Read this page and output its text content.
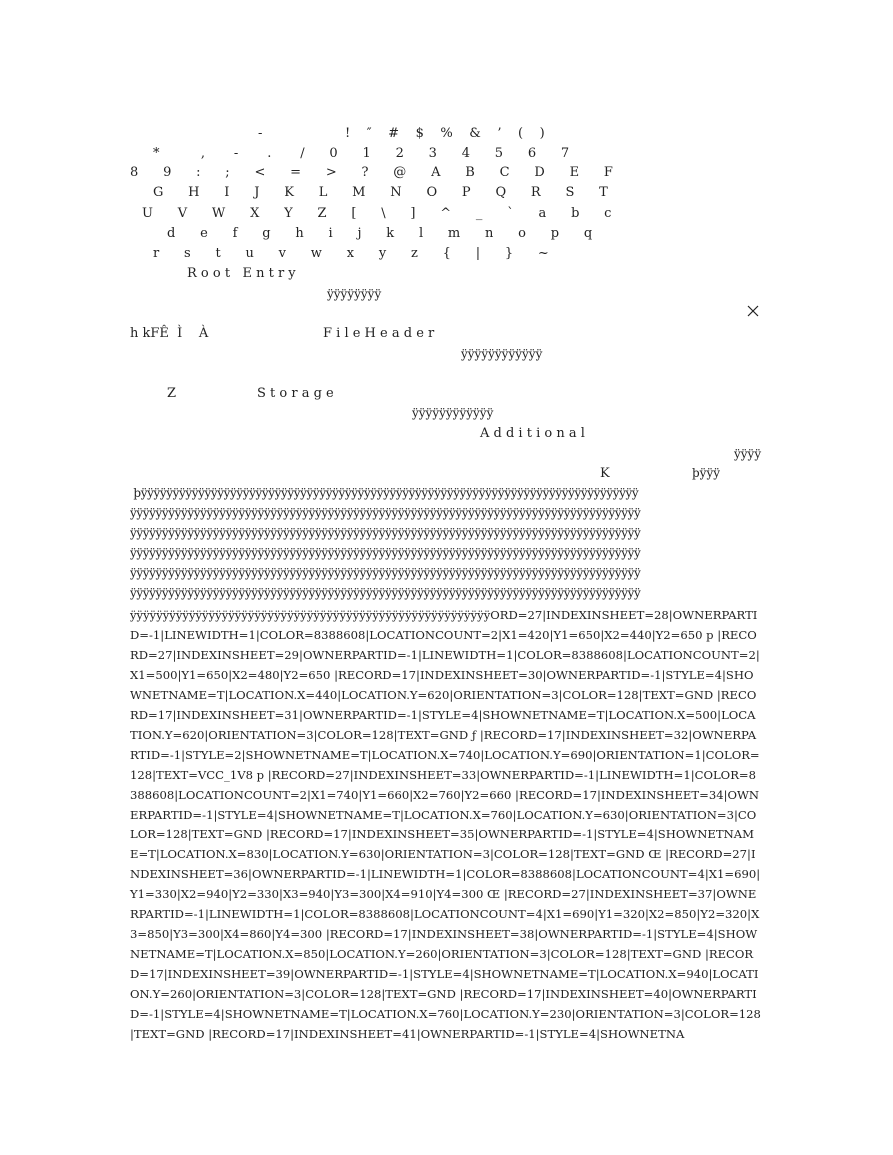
-                    !    ″    #    $    %    &    ’    (    )
*          ,       -       .       /      0      1      2      3      4      5      6      7
8      9      :      ;      <      =      >      ?      @      A      B      C      D      E      F
G      H      I      J      K      L      M      N      O      P      Q      R      S      T
U      V      W      X      Y      Z      [      \      ]      ^      _      `      a      b      c
d      e      f      g      h      i      j      k      l      m      n      o      p      q
r      s      t      u      v      w      x      y      z      {      |      }      ~
R o o t   E n t r y
ÿÿÿÿÿÿÿÿ
h kFÊ  Ì    À	F i l e H e a d e r
ÿÿÿÿÿÿÿÿÿÿÿÿ
Z	S t o r a g e
ÿÿÿÿÿÿÿÿÿÿÿÿ
A d d i t i o n a l
ÿÿÿÿ
K	þÿÿÿ
þÿÿÿÿÿÿÿÿÿÿÿÿÿÿÿÿÿÿÿÿÿÿÿÿÿÿÿÿÿÿÿÿÿÿÿÿÿÿÿÿÿÿÿÿÿÿÿÿÿÿÿÿÿÿÿÿÿÿÿÿÿÿÿÿÿÿÿÿÿÿÿÿÿÿÿÿÿÿ
ÿÿÿÿÿÿÿÿÿÿÿÿÿÿÿÿÿÿÿÿÿÿÿÿÿÿÿÿÿÿÿÿÿÿÿÿÿÿÿÿÿÿÿÿÿÿÿÿÿÿÿÿÿÿÿÿÿÿÿÿÿÿÿÿÿÿÿÿÿÿÿÿÿÿÿÿÿÿÿÿ
ÿÿÿÿÿÿÿÿÿÿÿÿÿÿÿÿÿÿÿÿÿÿÿÿÿÿÿÿÿÿÿÿÿÿÿÿÿÿÿÿÿÿÿÿÿÿÿÿÿÿÿÿÿÿÿÿÿÿÿÿÿÿÿÿÿÿÿÿÿÿÿÿÿÿÿÿÿÿÿÿ
ÿÿÿÿÿÿÿÿÿÿÿÿÿÿÿÿÿÿÿÿÿÿÿÿÿÿÿÿÿÿÿÿÿÿÿÿÿÿÿÿÿÿÿÿÿÿÿÿÿÿÿÿÿÿÿÿÿÿÿÿÿÿÿÿÿÿÿÿÿÿÿÿÿÿÿÿÿÿÿÿ
ÿÿÿÿÿÿÿÿÿÿÿÿÿÿÿÿÿÿÿÿÿÿÿÿÿÿÿÿÿÿÿÿÿÿÿÿÿÿÿÿÿÿÿÿÿÿÿÿÿÿÿÿÿÿÿÿÿÿÿÿÿÿÿÿÿÿÿÿÿÿÿÿÿÿÿÿÿÿÿÿ
ÿÿÿÿÿÿÿÿÿÿÿÿÿÿÿÿÿÿÿÿÿÿÿÿÿÿÿÿÿÿÿÿÿÿÿÿÿÿÿÿÿÿÿÿÿÿÿÿÿÿÿÿÿÿÿÿÿÿÿÿÿÿÿÿÿÿÿÿÿÿÿÿÿÿÿÿÿÿÿÿ
ÿÿÿÿÿÿÿÿÿÿÿÿÿÿÿÿÿÿÿÿÿÿÿÿÿÿÿÿÿÿÿÿÿÿÿÿÿÿÿÿÿÿÿÿÿÿÿÿÿÿÿÿÿÿÿORD=27|INDEXINSHEET=28|OWNERPARTID=-1|LINEWIDTH=1|COLOR=8388608|LOCATIONCOUNT=2|X1=420|Y1=650|X2=440|Y2=650 p |RECORD=27|INDEXINSHEET=29|OWNERPARTID=-1|LINEWIDTH=1|COLOR=8388608|LOCATIONCOUNT=2|X1=500|Y1=650|X2=480|Y2=650 |RECORD=17|INDEXINSHEET=30|OWNERPARTID=-1|STYLE=4|SHOWNETNAME=T|LOCATION.X=440|LOCATION.Y=620|ORIENTATION=3|COLOR=128|TEXT=GND |RECORD=17|INDEXINSHEET=31|OWNERPARTID=-1|STYLE=4|SHOWNETNAME=T|LOCATION.X=500|LOCATION.Y=620|ORIENTATION=3|COLOR=128|TEXT=GND ƒ |RECORD=17|INDEXINSHEET=32|OWNERPARTID=-1|STYLE=2|SHOWNETNAME=T|LOCATION.X=740|LOCATION.Y=690|ORIENTATION=1|COLOR=128|TEXT=VCC_1V8 p |RECORD=27|INDEXINSHEET=33|OWNERPARTID=-1|LINEWIDTH=1|COLOR=8388608|LOCATIONCOUNT=2|X1=740|Y1=660|X2=760|Y2=660 |RECORD=17|INDEXINSHEET=34|OWNERPARTID=-1|STYLE=4|SHOWNETNAME=T|LOCATION.X=760|LOCATION.Y=630|ORIENTATION=3|COLOR=128|TEXT=GND |RECORD=17|INDEXINSHEET=35|OWNERPARTID=-1|STYLE=4|SHOWNETNAME=T|LOCATION.X=830|LOCATION.Y=630|ORIENTATION=3|COLOR=128|TEXT=GND Œ |RECORD=27|INDEXINSHEET=36|OWNERPARTID=-1|LINEWIDTH=1|COLOR=8388608|LOCATIONCOUNT=4|X1=690|Y1=330|X2=940|Y2=330|X3=940|Y3=300|X4=910|Y4=300 Œ |RECORD=27|INDEXINSHEET=37|OWNERPARTID=-1|LINEWIDTH=1|COLOR=8388608|LOCATIONCOUNT=4|X1=690|Y1=320|X2=850|Y2=320|X3=850|Y3=300|X4=860|Y4=300 |RECORD=17|INDEXINSHEET=38|OWNERPARTID=-1|STYLE=4|SHOWNETNAME=T|LOCATION.X=850|LOCATION.Y=260|ORIENTATION=3|COLOR=128|TEXT=GND |RECORD=17|INDEXINSHEET=39|OWNERPARTID=-1|STYLE=4|SHOWNETNAME=T|LOCATION.X=940|LOCATION.Y=260|ORIENTATION=3|COLOR=128|TEXT=GND |RECORD=17|INDEXINSHEET=40|OWNERPARTID=-1|STYLE=4|SHOWNETNAME=T|LOCATION.X=760|LOCATION.Y=230|ORIENTATION=3|COLOR=128|TEXT=GND |RECORD=17|INDEXINSHEET=41|OWNERPARTID=-1|STYLE=4|SHOWNETNA
